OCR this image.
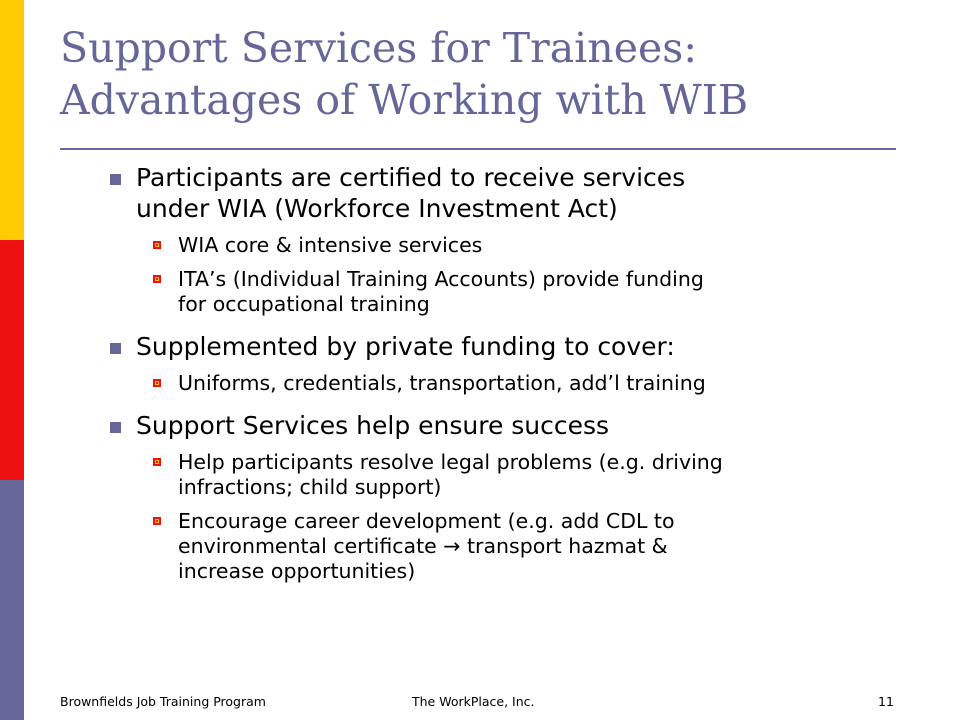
Support Services for Trainees:
Advantages of Working with WIB
Participants are certified to receive services
under WIA (Workforce Investment Act)
WIA core & intensive services
ITA’s (Individual Training Accounts) provide funding
for occupational training
Supplemented by private funding to cover:
Uniforms, credentials, transportation, add’l training
Support Services help ensure success
Help participants resolve legal problems (e.g. driving
infractions; child support)
Encourage career development (e.g. add CDL to
environmental certificate → transport hazmat &
increase opportunities)
Brownfields Job Training Program	The WorkPlace, Inc.	11
